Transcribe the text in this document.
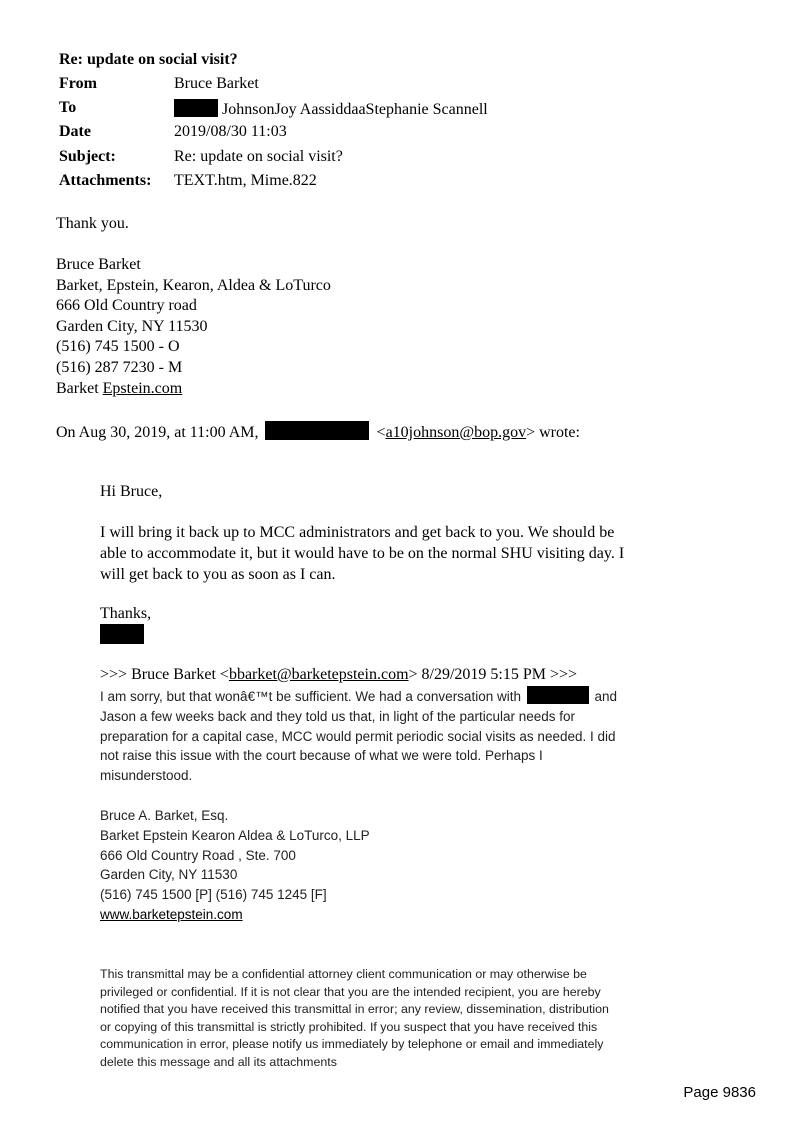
Re: update on social visit?
From	Bruce Barket
To	JohnsonJoy AassiddaaStephanie Scannell
Date	2019/08/30 11:03
Subject:	Re: update on social visit?
Attachments: TEXT.htm, Mime.822
Thank you.
Bruce Barket
Barket, Epstein, Kearon, Aldea & LoTurco
666 Old Country road
Garden City, NY 11530
(516) 745 1500 - O
(516) 287 7230 - M
Barket Epstein.com
On Aug 30, 2019, at 11:00 AM,	<a10johnson@bop.gov> wrote:
Hi Bruce,
I will bring it back up to MCC administrators and get back to you. We should be
able to accommodate it, but it would have to be on the normal SHU visiting day. I
will get back to you as soon as I can.
Thanks,
>>> Bruce Barket <bbarket@barketepstein.com> 8/29/2019 5:15 PM >>>
I am sorry, but that wonâ€™t be sufficient. We had a conversation with	and
Jason a few weeks back and they told us that, in light of the particular needs for
preparation for a capital case, MCC would permit periodic social visits as needed. I did
not raise this issue with the court because of what we were told. Perhaps I
misunderstood.
Bruce A. Barket, Esq.
Barket Epstein Kearon Aldea & LoTurco, LLP
666 Old Country Road , Ste. 700
Garden City, NY 11530
(516) 745 1500 [P] (516) 745 1245 [F]
www.barketepstein.com
This transmittal may be a confidential attorney client communication or may otherwise be
privileged or confidential. If it is not clear that you are the intended recipient, you are hereby
notified that you have received this transmittal in error; any review, dissemination, distribution
or copying of this transmittal is strictly prohibited. If you suspect that you have received this
communication in error, please notify us immediately by telephone or email and immediately
delete this message and all its attachments
Page 9836
